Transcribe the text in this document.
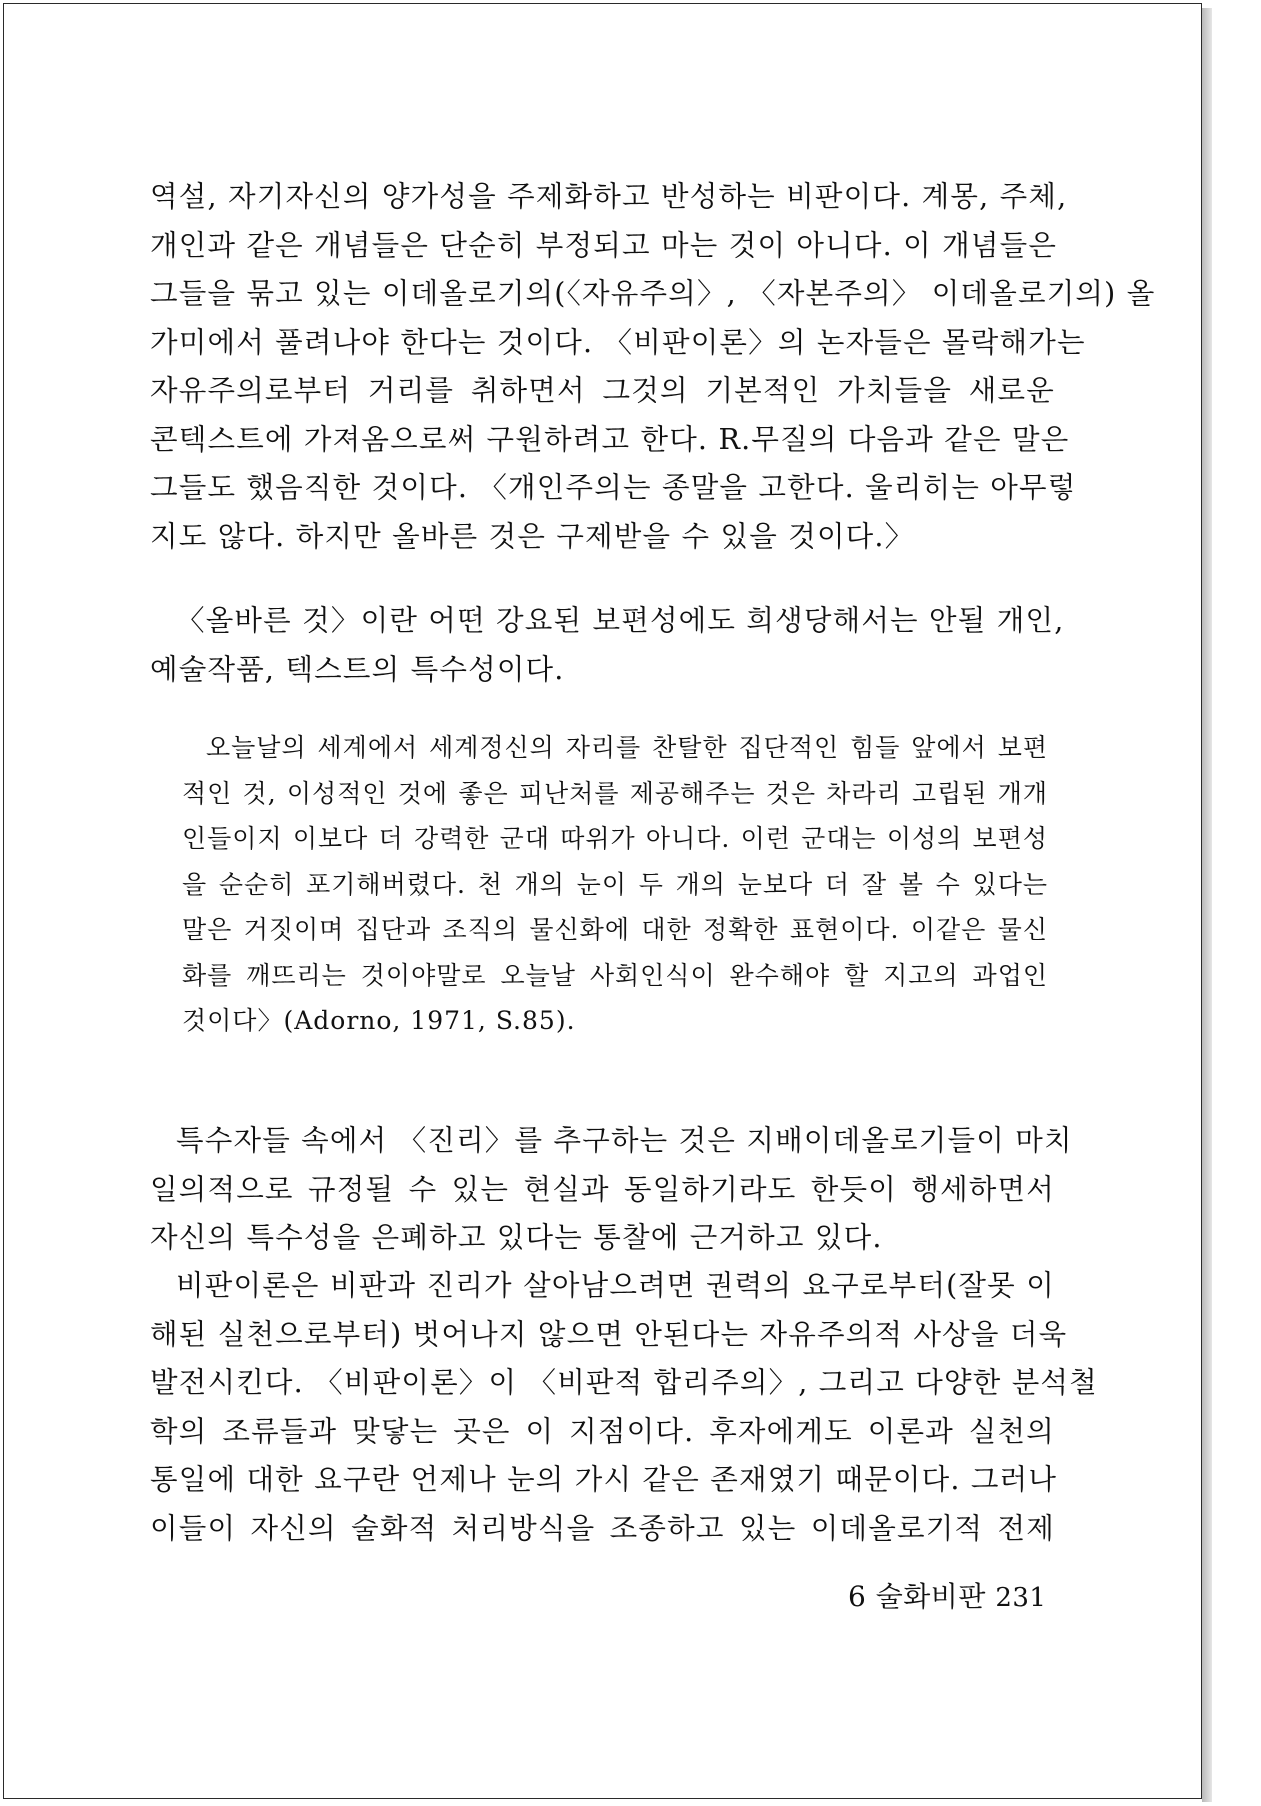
역설, 자기자신의 양가성을 주제화하고 반성하는 비판이다. 계몽, 주체,
개인과 같은 개념들은 단순히 부정되고 마는 것이 아니다. 이 개념들은
그들을 묶고 있는 이데올로기의(〈자유주의〉, 〈자본주의〉 이데올로기의) 올
가미에서 풀려나야 한다는 것이다. 〈비판이론〉의 논자들은 몰락해가는
자유주의로부터 거리를 취하면서 그것의 기본적인 가치들을 새로운
콘텍스트에 가져옴으로써 구원하려고 한다. R.무질의 다음과 같은 말은
그들도 했음직한 것이다. 〈개인주의는 종말을 고한다. 울리히는 아무렇
지도 않다. 하지만 올바른 것은 구제받을 수 있을 것이다.〉

〈올바른 것〉이란 어떤 강요된 보편성에도 희생당해서는 안될 개인,
예술작품, 텍스트의 특수성이다.

오늘날의 세계에서 세계정신의 자리를 찬탈한 집단적인 힘들 앞에서 보편
적인 것, 이성적인 것에 좋은 피난처를 제공해주는 것은 차라리 고립된 개개
인들이지 이보다 더 강력한 군대 따위가 아니다. 이런 군대는 이성의 보편성
을 순순히 포기해버렸다. 천 개의 눈이 두 개의 눈보다 더 잘 볼 수 있다는
말은 거짓이며 집단과 조직의 물신화에 대한 정확한 표현이다. 이같은 물신
화를 깨뜨리는 것이야말로 오늘날 사회인식이 완수해야 할 지고의 과업인
것이다〉(Adorno, 1971, S.85).

특수자들 속에서 〈진리〉를 추구하는 것은 지배이데올로기들이 마치
일의적으로 규정될 수 있는 현실과 동일하기라도 한듯이 행세하면서
자신의 특수성을 은폐하고 있다는 통찰에 근거하고 있다.

비판이론은 비판과 진리가 살아남으려면 권력의 요구로부터(잘못 이
해된 실천으로부터) 벗어나지 않으면 안된다는 자유주의적 사상을 더욱
발전시킨다. 〈비판이론〉이 〈비판적 합리주의〉, 그리고 다양한 분석철
학의 조류들과 맞닿는 곳은 이 지점이다. 후자에게도 이론과 실천의
통일에 대한 요구란 언제나 눈의 가시 같은 존재였기 때문이다. 그러나
이들이 자신의 술화적 처리방식을 조종하고 있는 이데올로기적 전제

6 술화비판 231
